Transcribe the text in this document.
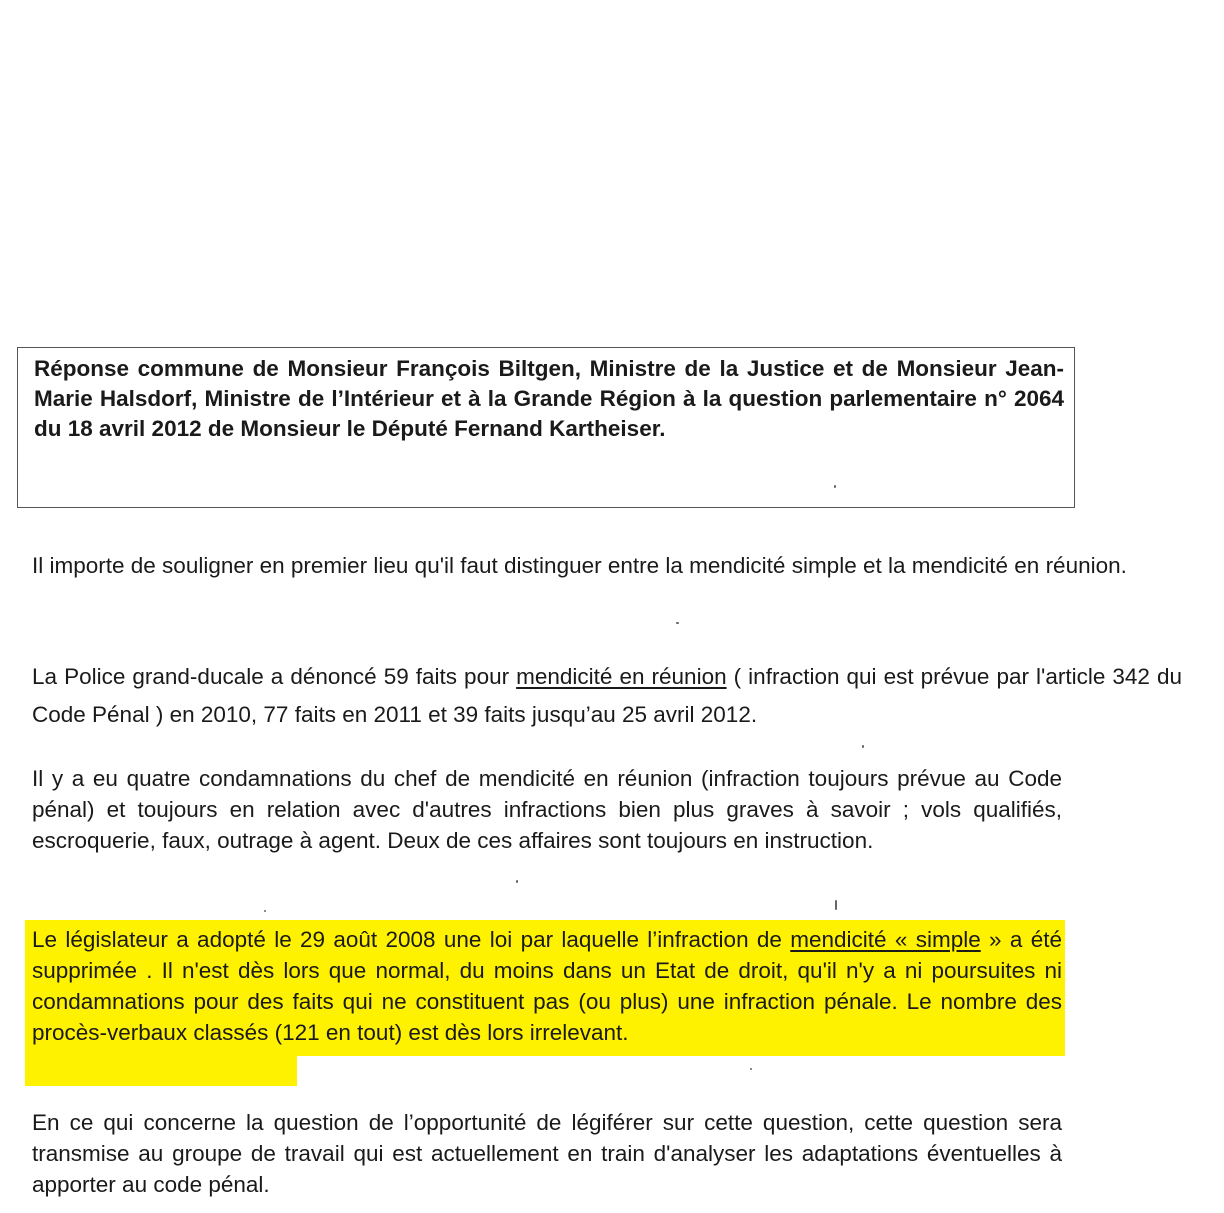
Réponse commune de Monsieur François Biltgen, Ministre de la Justice et de Monsieur Jean-Marie Halsdorf, Ministre de l’Intérieur et à la Grande Région à la question parlementaire n° 2064 du 18 avril 2012 de Monsieur le Député Fernand Kartheiser.

Il importe de souligner en premier lieu qu'il faut distinguer entre la mendicité simple et la mendicité en réunion.

La Police grand-ducale a dénoncé 59 faits pour mendicité en réunion ( infraction qui est prévue par l'article 342 du Code Pénal ) en 2010, 77 faits en 2011 et 39 faits jusqu’au 25 avril 2012.

Il y a eu quatre condamnations du chef de mendicité en réunion (infraction toujours prévue au Code pénal) et toujours en relation avec d'autres infractions bien plus graves à savoir ; vols qualifiés, escroquerie, faux, outrage à agent. Deux de ces affaires sont toujours en instruction.

Le législateur a adopté le 29 août 2008 une loi par laquelle l’infraction de mendicité « simple » a été supprimée . Il n'est dès lors que normal, du moins dans un Etat de droit, qu'il n'y a ni poursuites ni condamnations pour des faits qui ne constituent pas (ou plus) une infraction pénale. Le nombre des procès-verbaux classés (121 en tout) est dès lors irrelevant.

En ce qui concerne la question de l’opportunité de légiférer sur cette question, cette question sera transmise au groupe de travail qui est actuellement en train d'analyser les adaptations éventuelles à apporter au code pénal.
